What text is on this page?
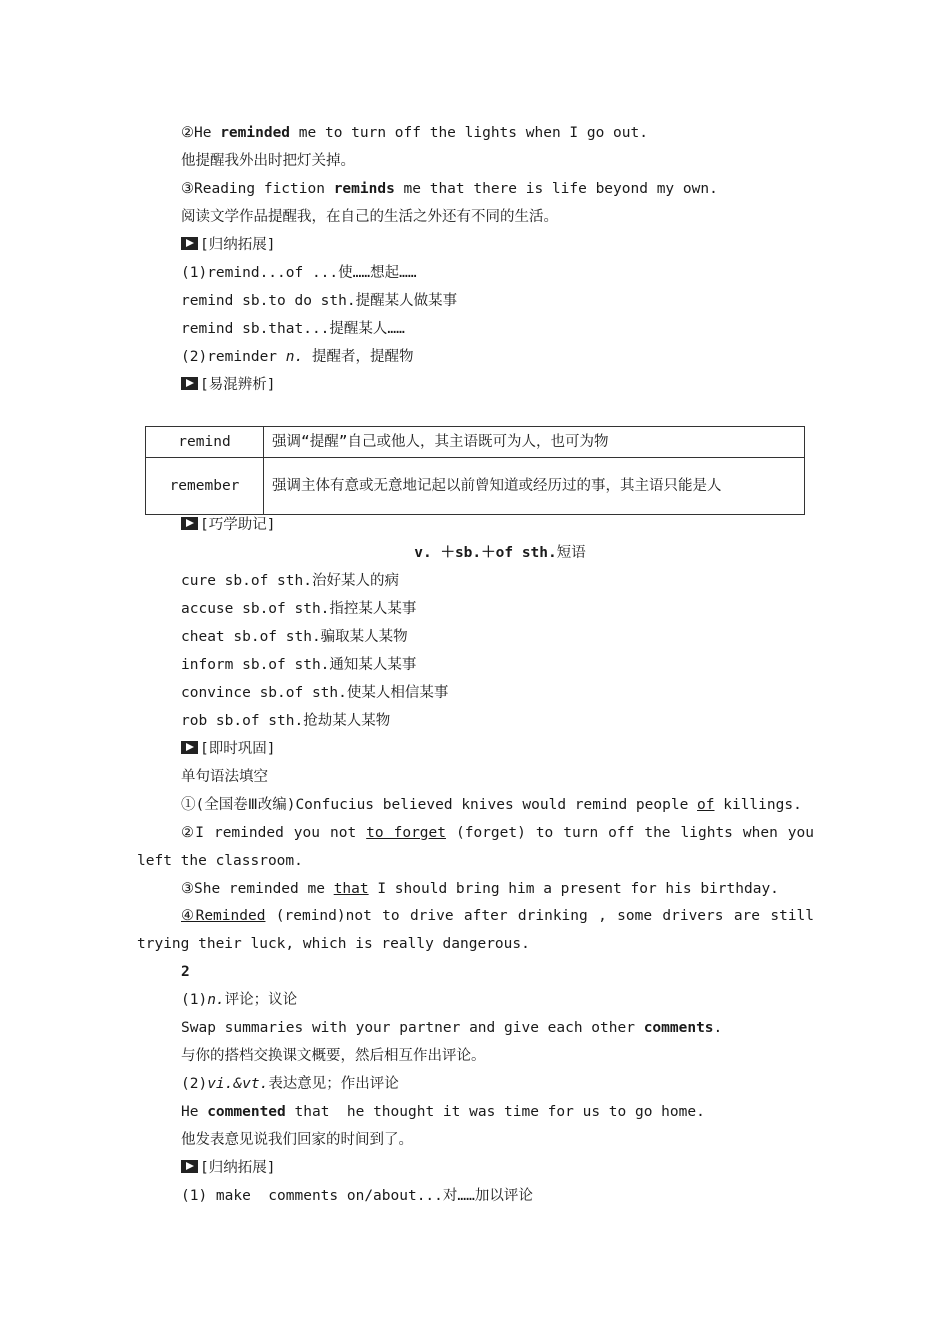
②He reminded me to turn off the lights when I go out.
他提醒我外出时把灯关掉。
③Reading fiction reminds me that there is life beyond my own.
阅读文学作品提醒我，在自己的生活之外还有不同的生活。
[归纳拓展]
(1)remind...of ...使……想起……
remind sb.to do sth.提醒某人做某事
remind sb.that...提醒某人……
(2)reminder n. 提醒者，提醒物
[易混辨析]
remind	强调“提醒”自己或他人，其主语既可为人，也可为物
remember	强调主体有意或无意地记起以前曾知道或经历过的事，其主语只能是人
[巧学助记]
v. ＋sb.＋of sth.短语
cure sb.of sth.治好某人的病
accuse sb.of sth.指控某人某事
cheat sb.of sth.骗取某人某物
inform sb.of sth.通知某人某事
convince sb.of sth.使某人相信某事
rob sb.of sth.抢劫某人某物
[即时巩固]
单句语法填空
①(全国卷Ⅲ改编)Confucius believed knives would remind people of killings.
②I reminded you not to forget (forget) to turn off the lights when you left the classroom.
③She reminded me that I should bring him a present for his birthday.
④Reminded (remind)not to drive after drinking , some drivers are still trying their luck, which is really dangerous.
2
(1)n.评论；议论
Swap summaries with your partner and give each other comments.
与你的搭档交换课文概要，然后相互作出评论。
(2)vi.&vt.表达意见；作出评论
He commented that  he thought it was time for us to go home.
他发表意见说我们回家的时间到了。
[归纳拓展]
(1) make  comments on/about...对……加以评论
